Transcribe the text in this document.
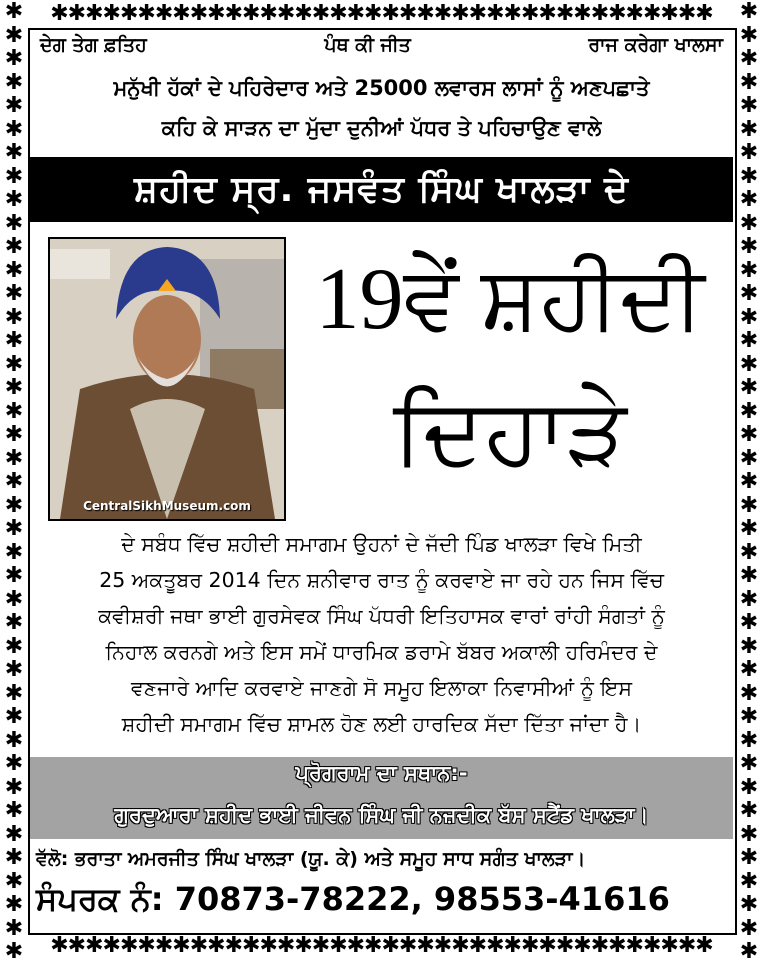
✱✱✱✱✱✱✱✱✱✱✱✱✱✱✱✱✱✱✱✱✱✱✱✱✱✱✱✱✱✱✱✱✱✱✱✱✱✱
✱✱✱✱✱✱✱✱✱✱✱✱✱✱✱✱✱✱✱✱✱✱✱✱✱✱✱✱✱✱✱✱✱✱✱✱✱✱
✱
✱
✱
✱
✱
✱
✱
✱
✱
✱
✱
✱
✱
✱
✱
✱
✱
✱
✱
✱
✱
✱
✱
✱
✱
✱
✱
✱
✱
✱
✱
✱
✱
✱
✱
✱
✱
✱
✱
✱
✱
✱
✱
✱
✱
✱
✱
✱
✱
✱
✱
✱
✱
✱
✱
✱
✱
✱
✱
✱
✱
✱
✱
✱
✱
✱
✱
✱
✱
✱
✱
✱
✱
✱
✱
✱
✱
✱
✱
✱
✱
✱
ਦੇਗ ਤੇਗ ਫ਼ਤਿਹ	ਪੰਥ ਕੀ ਜੀਤ	ਰਾਜ ਕਰੇਗਾ ਖਾਲਸਾ
ਮਨੁੱਖੀ ਹੱਕਾਂ ਦੇ ਪਹਿਰੇਦਾਰ ਅਤੇ 25000 ਲਵਾਰਸ ਲਾਸਾਂ ਨੂੰ ਅਣਪਛਾਤੇ
ਕਹਿ ਕੇ ਸਾੜਨ ਦਾ ਮੁੱਦਾ ਦੁਨੀਆਂ ਪੱਧਰ ਤੇ ਪਹਿਚਾਉਣ ਵਾਲੇ
ਸ਼ਹੀਦ ਸ੍ਰ. ਜਸਵੰਤ ਸਿੰਘ ਖਾਲੜਾ ਦੇ
CentralSikhMuseum.com
19ਵੇਂ ਸ਼ਹੀਦੀ
ਦਿਹਾੜੇ
ਦੇ ਸਬੰਧ ਵਿੱਚ ਸ਼ਹੀਦੀ ਸਮਾਗਮ ਉਹਨਾਂ ਦੇ ਜੱਦੀ ਪਿੰਡ ਖਾਲੜਾ ਵਿਖੇ ਮਿਤੀ
25 ਅਕਤੂਬਰ 2014 ਦਿਨ ਸ਼ਨੀਵਾਰ ਰਾਤ ਨੂੰ ਕਰਵਾਏ ਜਾ ਰਹੇ ਹਨ ਜਿਸ ਵਿੱਚ
ਕਵੀਸ਼ਰੀ ਜਥਾ ਭਾਈ ਗੁਰਸੇਵਕ ਸਿੰਘ ਪੱਧਰੀ ਇਤਿਹਾਸਕ ਵਾਰਾਂ ਰਾਂਹੀ ਸੰਗਤਾਂ ਨੂੰ
ਨਿਹਾਲ ਕਰਨਗੇ ਅਤੇ ਇਸ ਸਮੇਂ ਧਾਰਮਿਕ ਡਰਾਮੇ ਬੱਬਰ ਅਕਾਲੀ ਹਰਿਮੰਦਰ ਦੇ
ਵਣਜਾਰੇ ਆਦਿ ਕਰਵਾਏ ਜਾਣਗੇ ਸੋ ਸਮੂਹ ਇਲਾਕਾ ਨਿਵਾਸੀਆਂ ਨੂੰ ਇਸ
ਸ਼ਹੀਦੀ ਸਮਾਗਮ ਵਿੱਚ ਸ਼ਾਮਲ ਹੋਣ ਲਈ ਹਾਰਦਿਕ ਸੱਦਾ ਦਿੱਤਾ ਜਾਂਦਾ ਹੈ।
ਪ੍ਰੋਗਰਾਮ ਦਾ ਸਥਾਨ:-
ਗੁਰਦੁਆਰਾ ਸ਼ਹੀਦ ਭਾਈ ਜੀਵਨ ਸਿੰਘ ਜੀ ਨਜ਼ਦੀਕ ਬੱਸ ਸਟੈਂਡ ਖਾਲੜਾ।
ਵੱਲੋ: ਭਰਾਤਾ ਅਮਰਜੀਤ ਸਿੰਘ ਖਾਲੜਾ (ਯੂ. ਕੇ) ਅਤੇ ਸਮੂਹ ਸਾਧ ਸਗੰਤ ਖਾਲੜਾ।
ਸੰਪਰਕ ਨੰ: 70873-78222, 98553-41616
